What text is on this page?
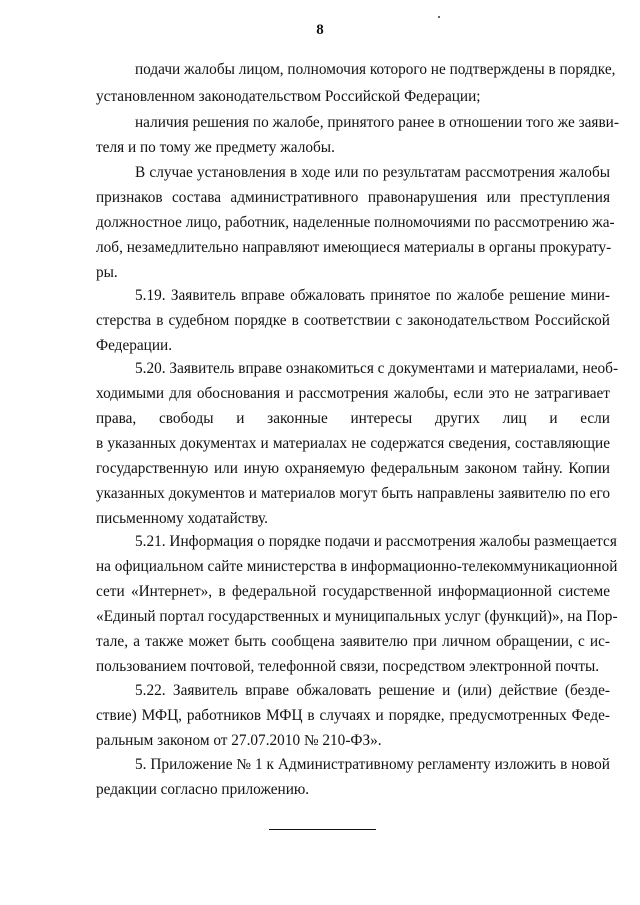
8
подачи жалобы лицом, полномочия которого не подтверждены в порядке,
установленном законодательством Российской Федерации;
наличия решения по жалобе, принятого ранее в отношении того же заяви-
теля и по тому же предмету жалобы.
В случае установления в ходе или по результатам рассмотрения жалобы
признаков состава административного правонарушения или преступления
должностное лицо, работник, наделенные полномочиями по рассмотрению жа-
лоб, незамедлительно направляют имеющиеся материалы в органы прокурату-
ры.
5.19. Заявитель вправе обжаловать принятое по жалобе решение мини-
стерства в судебном порядке в соответствии с законодательством Российской
Федерации.
5.20. Заявитель вправе ознакомиться с документами и материалами, необ-
ходимыми для обоснования и рассмотрения жалобы, если это не затрагивает
права, свободы и законные интересы других лиц и если
в указанных документах и материалах не содержатся сведения, составляющие
государственную или иную охраняемую федеральным законом тайну. Копии
указанных документов и материалов могут быть направлены заявителю по его
письменному ходатайству.
5.21. Информация о порядке подачи и рассмотрения жалобы размещается
на официальном сайте министерства в информационно-телекоммуникационной
сети «Интернет», в федеральной государственной информационной системе
«Единый портал государственных и муниципальных услуг (функций)», на Пор-
тале, а также может быть сообщена заявителю при личном обращении, с ис-
пользованием почтовой, телефонной связи, посредством электронной почты.
5.22. Заявитель вправе обжаловать решение и (или) действие (безде-
ствие) МФЦ, работников МФЦ в случаях и порядке, предусмотренных Феде-
ральным законом от 27.07.2010 № 210-ФЗ».
5. Приложение № 1 к Административному регламенту изложить в новой
редакции согласно приложению.
